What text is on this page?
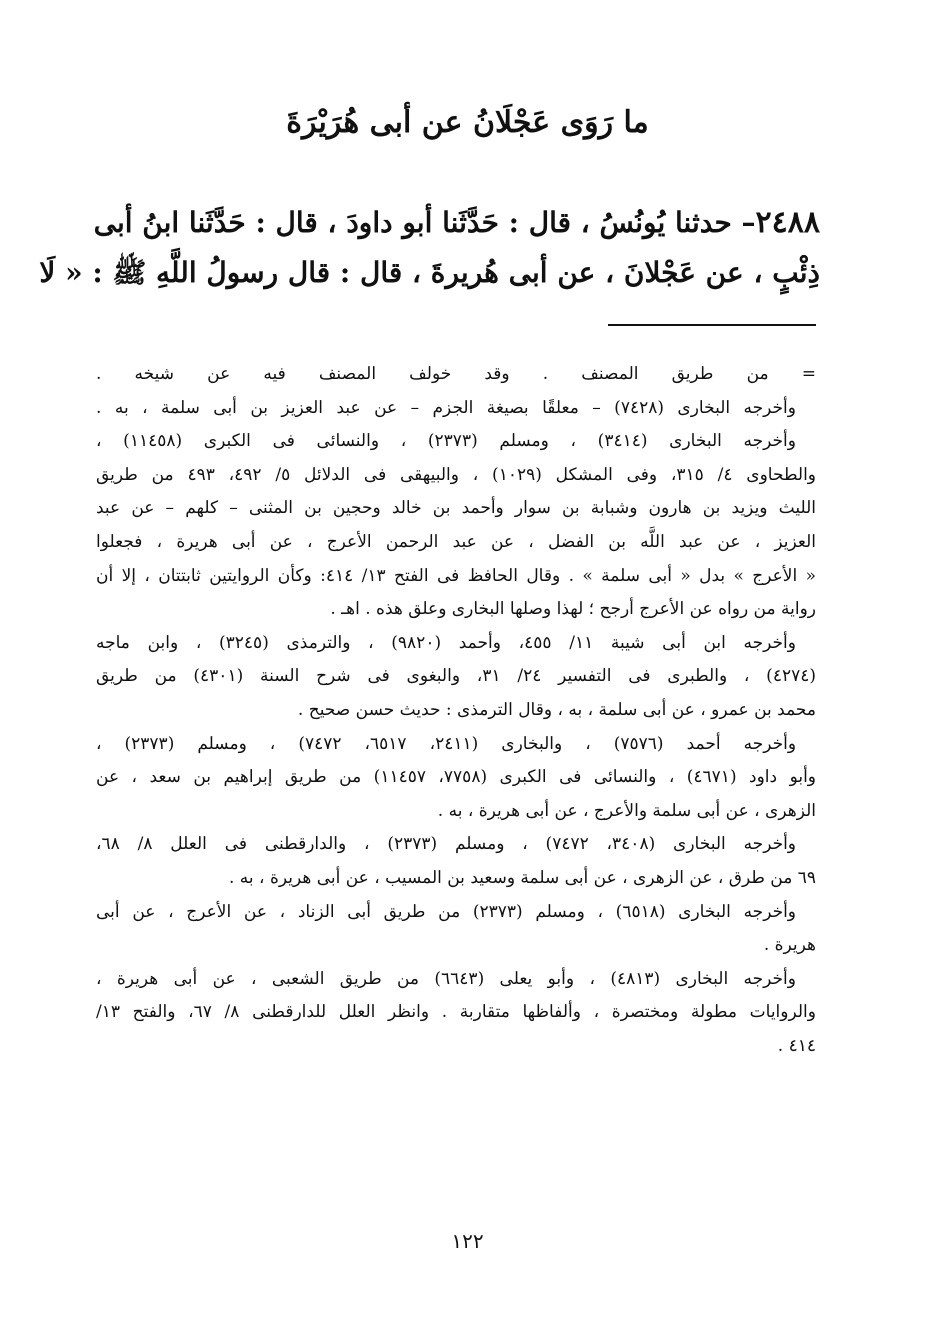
ما رَوَى عَجْلَانُ عن أبى هُرَيْرَةَ
٢٤٨٨– حدثنا يُونُسُ ، قال : حَدَّثَنا أبو داودَ ، قال : حَدَّثَنا ابنُ أبى
ذِئْبٍ ، عن عَجْلانَ ، عن أبى هُريرةَ ، قال : قال رسولُ اللَّهِ ﷺ : « لَا
= من طريق المصنف . وقد خولف المصنف فيه عن شيخه .
وأخرجه البخارى (٧٤٢٨) – معلقًا بصيغة الجزم – عن عبد العزيز بن أبى سلمة ، به .
وأخرجه البخارى (٣٤١٤) ، ومسلم (٢٣٧٣) ، والنسائى فى الكبرى (١١٤٥٨) ،
والطحاوى ٤/ ٣١٥، وفى المشكل (١٠٢٩) ، والبيهقى فى الدلائل ٥/ ٤٩٢، ٤٩٣ من طريق
الليث ويزيد بن هارون وشبابة بن سوار وأحمد بن خالد وحجين بن المثنى – كلهم – عن عبد
العزيز ، عن عبد اللَّه بن الفضل ، عن عبد الرحمن الأعرج ، عن أبى هريرة ، فجعلوا
« الأعرج » بدل « أبى سلمة » . وقال الحافظ فى الفتح ١٣/ ٤١٤: وكأن الروايتين ثابتتان ، إلا أن
رواية من رواه عن الأعرج أرجح ؛ لهذا وصلها البخارى وعلق هذه . اهـ .
وأخرجه ابن أبى شيبة ١١/ ٤٥٥، وأحمد (٩٨٢٠) ، والترمذى (٣٢٤٥) ، وابن ماجه
(٤٢٧٤) ، والطبرى فى التفسير ٢٤/ ٣١، والبغوى فى شرح السنة (٤٣٠١) من طريق
محمد بن عمرو ، عن أبى سلمة ، به ، وقال الترمذى : حديث حسن صحيح .
وأخرجه أحمد (٧٥٧٦) ، والبخارى (٢٤١١، ٦٥١٧، ٧٤٧٢) ، ومسلم (٢٣٧٣) ،
وأبو داود (٤٦٧١) ، والنسائى فى الكبرى (٧٧٥٨، ١١٤٥٧) من طريق إبراهيم بن سعد ، عن
الزهرى ، عن أبى سلمة والأعرج ، عن أبى هريرة ، به .
وأخرجه البخارى (٣٤٠٨، ٧٤٧٢) ، ومسلم (٢٣٧٣) ، والدارقطنى فى العلل ٨/ ٦٨،
٦٩ من طرق ، عن الزهرى ، عن أبى سلمة وسعيد بن المسيب ، عن أبى هريرة ، به .
وأخرجه البخارى (٦٥١٨) ، ومسلم (٢٣٧٣) من طريق أبى الزناد ، عن الأعرج ، عن أبى
هريرة .
وأخرجه البخارى (٤٨١٣) ، وأبو يعلى (٦٦٤٣) من طريق الشعبى ، عن أبى هريرة ،
والروايات مطولة ومختصرة ، وألفاظها متقاربة . وانظر العلل للدارقطنى ٨/ ٦٧، والفتح ١٣/
٤١٤ .
١٢٢
